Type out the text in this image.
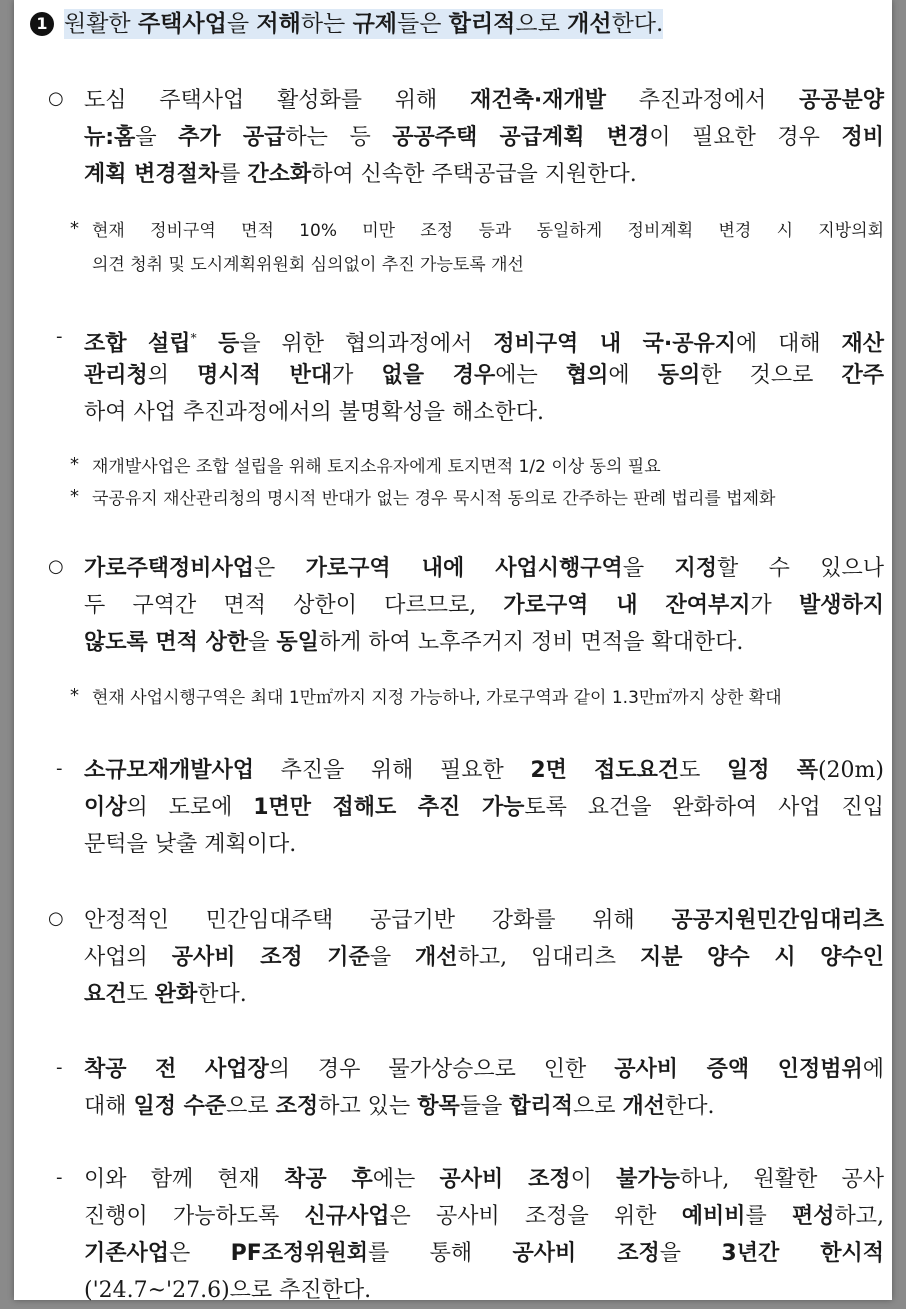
1 원활한 주택사업을 저해하는 규제들은 합리적으로 개선한다.
○ 도심 주택사업 활성화를 위해 재건축·재개발 추진과정에서 공공분양
뉴:홈을 추가 공급하는 등 공공주택 공급계획 변경이 필요한 경우 정비
계획 변경절차를 간소화하여 신속한 주택공급을 지원한다.
* 현재 정비구역 면적 10% 미만 조정 등과 동일하게 정비계획 변경 시 지방의회
의견 청취 및 도시계획위원회 심의없이 추진 가능토록 개선
- 조합 설립* 등을 위한 협의과정에서 정비구역 내 국·공유지에 대해 재산
관리청의 명시적 반대가 없을 경우에는 협의에 동의한 것으로 간주
하여 사업 추진과정에서의 불명확성을 해소한다.
* 재개발사업은 조합 설립을 위해 토지소유자에게 토지면적 1/2 이상 동의 필요
* 국공유지 재산관리청의 명시적 반대가 없는 경우 묵시적 동의로 간주하는 판례 법리를 법제화
○ 가로주택정비사업은 가로구역 내에 사업시행구역을 지정할 수 있으나
두 구역간 면적 상한이 다르므로, 가로구역 내 잔여부지가 발생하지
않도록 면적 상한을 동일하게 하여 노후주거지 정비 면적을 확대한다.
* 현재 사업시행구역은 최대 1만㎡까지 지정 가능하나, 가로구역과 같이 1.3만㎡까지 상한 확대
- 소규모재개발사업 추진을 위해 필요한 2면 접도요건도 일정 폭(20m)
이상의 도로에 1면만 접해도 추진 가능토록 요건을 완화하여 사업 진입
문턱을 낮출 계획이다.
○ 안정적인 민간임대주택 공급기반 강화를 위해 공공지원민간임대리츠
사업의 공사비 조정 기준을 개선하고, 임대리츠 지분 양수 시 양수인
요건도 완화한다.
- 착공 전 사업장의 경우 물가상승으로 인한 공사비 증액 인정범위에
대해 일정 수준으로 조정하고 있는 항목들을 합리적으로 개선한다.
- 이와 함께 현재 착공 후에는 공사비 조정이 불가능하나, 원활한 공사
진행이 가능하도록 신규사업은 공사비 조정을 위한 예비비를 편성하고,
기존사업은 PF조정위원회를 통해 공사비 조정을 3년간 한시적
('24.7~'27.6)으로 추진한다.
